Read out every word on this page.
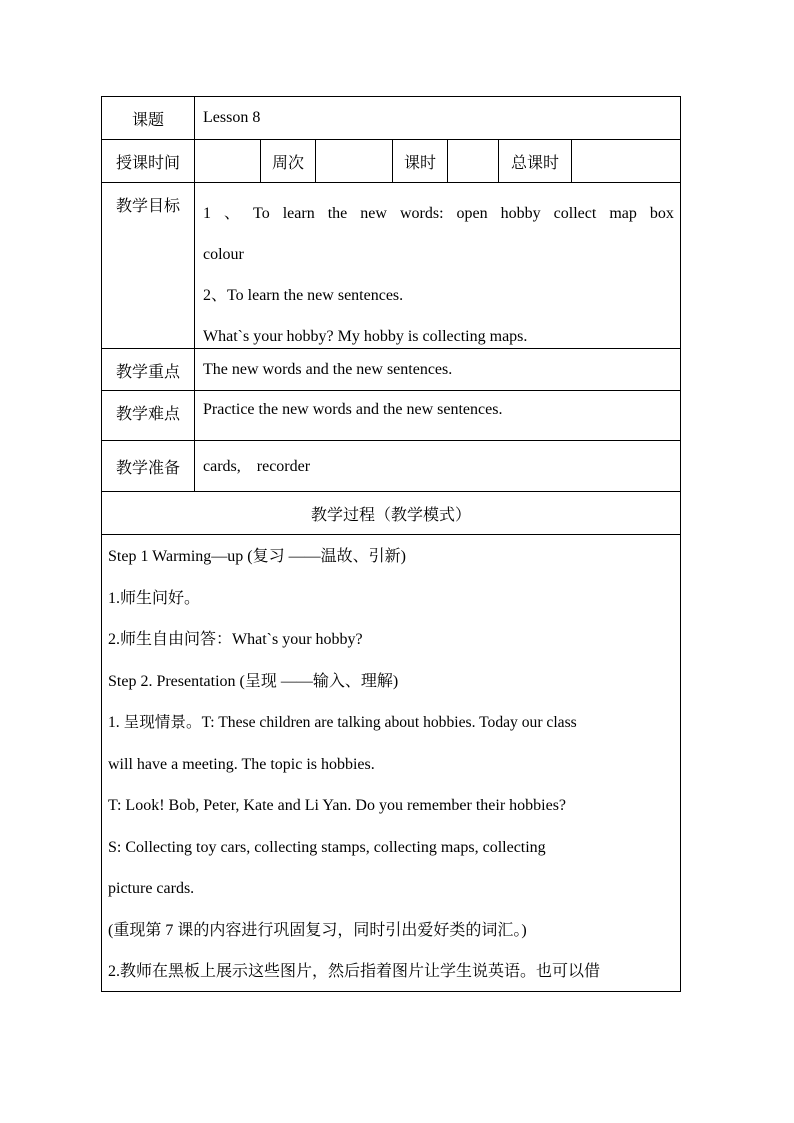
课题	Lesson 8
授课时间	周次	课时	总课时
教学目标	1 、 To learn the new words: open hobby collect map box

colour

2、To learn the new sentences.

What`s your hobby? My hobby is collecting maps.

教学重点	The new words and the new sentences.
教学难点	Practice the new words and the new sentences.
教学准备	cards,    recorder
教学过程（教学模式）

Step 1 Warming—up (复习 ——温故、引新)

1.师生问好。

2.师生自由问答：What`s your hobby?

Step 2. Presentation (呈现 ——输入、理解)

1. 呈现情景。T: These children are talking about hobbies. Today our class

will have a meeting. The topic is hobbies.

T: Look! Bob, Peter, Kate and Li Yan. Do you remember their hobbies?

S: Collecting toy cars, collecting stamps, collecting maps, collecting

picture cards.

(重现第 7 课的内容进行巩固复习，同时引出爱好类的词汇。)

2.教师在黑板上展示这些图片，然后指着图片让学生说英语。也可以借
